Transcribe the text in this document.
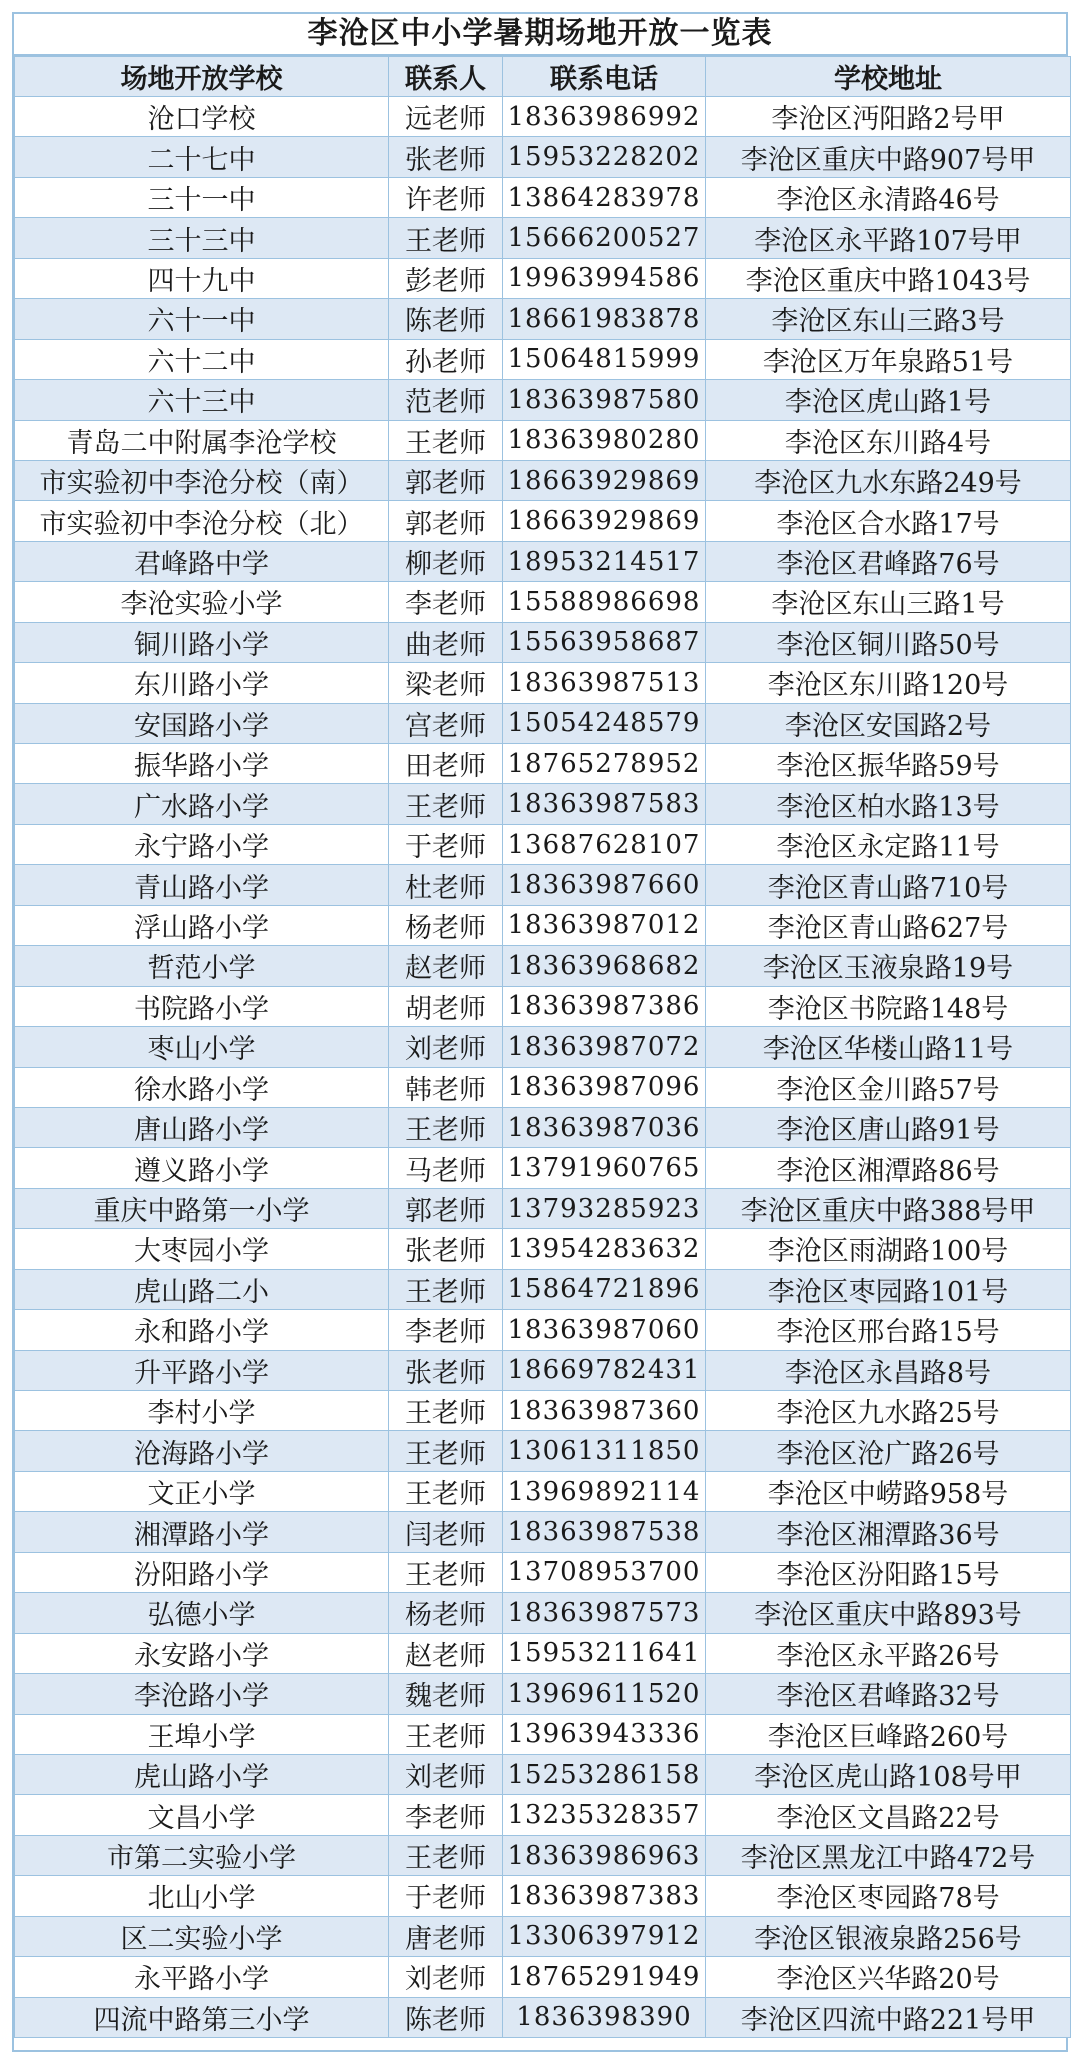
李沧区中小学暑期场地开放一览表
场地开放学校	联系人	联系电话	学校地址
沧口学校	远老师	18363986992	李沧区沔阳路2号甲
二十七中	张老师	15953228202	李沧区重庆中路907号甲
三十一中	许老师	13864283978	李沧区永清路46号
三十三中	王老师	15666200527	李沧区永平路107号甲
四十九中	彭老师	19963994586	李沧区重庆中路1043号
六十一中	陈老师	18661983878	李沧区东山三路3号
六十二中	孙老师	15064815999	李沧区万年泉路51号
六十三中	范老师	18363987580	李沧区虎山路1号
青岛二中附属李沧学校	王老师	18363980280	李沧区东川路4号
市实验初中李沧分校（南）	郭老师	18663929869	李沧区九水东路249号
市实验初中李沧分校（北）	郭老师	18663929869	李沧区合水路17号
君峰路中学	柳老师	18953214517	李沧区君峰路76号
李沧实验小学	李老师	15588986698	李沧区东山三路1号
铜川路小学	曲老师	15563958687	李沧区铜川路50号
东川路小学	梁老师	18363987513	李沧区东川路120号
安国路小学	宫老师	15054248579	李沧区安国路2号
振华路小学	田老师	18765278952	李沧区振华路59号
广水路小学	王老师	18363987583	李沧区柏水路13号
永宁路小学	于老师	13687628107	李沧区永定路11号
青山路小学	杜老师	18363987660	李沧区青山路710号
浮山路小学	杨老师	18363987012	李沧区青山路627号
哲范小学	赵老师	18363968682	李沧区玉液泉路19号
书院路小学	胡老师	18363987386	李沧区书院路148号
枣山小学	刘老师	18363987072	李沧区华楼山路11号
徐水路小学	韩老师	18363987096	李沧区金川路57号
唐山路小学	王老师	18363987036	李沧区唐山路91号
遵义路小学	马老师	13791960765	李沧区湘潭路86号
重庆中路第一小学	郭老师	13793285923	李沧区重庆中路388号甲
大枣园小学	张老师	13954283632	李沧区雨湖路100号
虎山路二小	王老师	15864721896	李沧区枣园路101号
永和路小学	李老师	18363987060	李沧区邢台路15号
升平路小学	张老师	18669782431	李沧区永昌路8号
李村小学	王老师	18363987360	李沧区九水路25号
沧海路小学	王老师	13061311850	李沧区沧广路26号
文正小学	王老师	13969892114	李沧区中崂路958号
湘潭路小学	闫老师	18363987538	李沧区湘潭路36号
汾阳路小学	王老师	13708953700	李沧区汾阳路15号
弘德小学	杨老师	18363987573	李沧区重庆中路893号
永安路小学	赵老师	15953211641	李沧区永平路26号
李沧路小学	魏老师	13969611520	李沧区君峰路32号
王埠小学	王老师	13963943336	李沧区巨峰路260号
虎山路小学	刘老师	15253286158	李沧区虎山路108号甲
文昌小学	李老师	13235328357	李沧区文昌路22号
市第二实验小学	王老师	18363986963	李沧区黑龙江中路472号
北山小学	于老师	18363987383	李沧区枣园路78号
区二实验小学	唐老师	13306397912	李沧区银液泉路256号
永平路小学	刘老师	18765291949	李沧区兴华路20号
四流中路第三小学	陈老师	1836398390	李沧区四流中路221号甲
